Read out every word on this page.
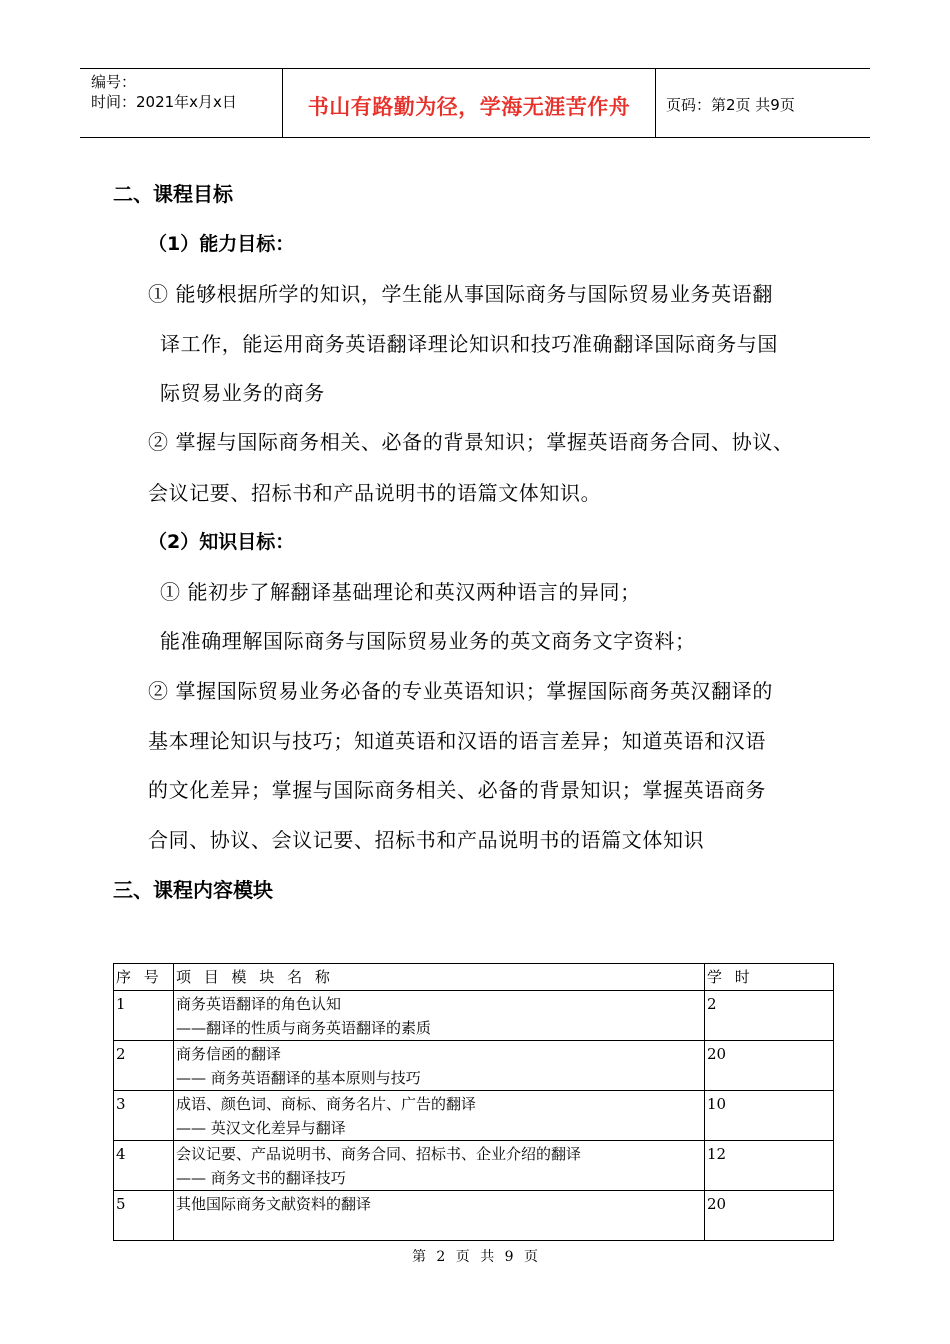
编号：
时间：2021年x月x日	书山有路勤为径，学海无涯苦作舟	页码：第2页 共9页
二、课程目标
（1）能力目标：
① 能够根据所学的知识，学生能从事国际商务与国际贸易业务英语翻
译工作，能运用商务英语翻译理论知识和技巧准确翻译国际商务与国
际贸易业务的商务
② 掌握与国际商务相关、必备的背景知识；掌握英语商务合同、协议、
会议记要、招标书和产品说明书的语篇文体知识。
（2）知识目标：
① 能初步了解翻译基础理论和英汉两种语言的异同；
能准确理解国际商务与国际贸易业务的英文商务文字资料；
② 掌握国际贸易业务必备的专业英语知识；掌握国际商务英汉翻译的
基本理论知识与技巧；知道英语和汉语的语言差异；知道英语和汉语
的文化差异；掌握与国际商务相关、必备的背景知识；掌握英语商务
合同、协议、会议记要、招标书和产品说明书的语篇文体知识
三、课程内容模块
序 号	项 目 模 块 名 称	学 时
1	商务英语翻译的角色认知
——翻译的性质与商务英语翻译的素质	2
2	商务信函的翻译
—— 商务英语翻译的基本原则与技巧	20
3	成语、颜色词、商标、商务名片、广告的翻译
—— 英汉文化差异与翻译	10
4	会议记要、产品说明书、商务合同、招标书、企业介绍的翻译
—— 商务文书的翻译技巧	12
5	其他国际商务文献资料的翻译	20
第 2 页 共 9 页
